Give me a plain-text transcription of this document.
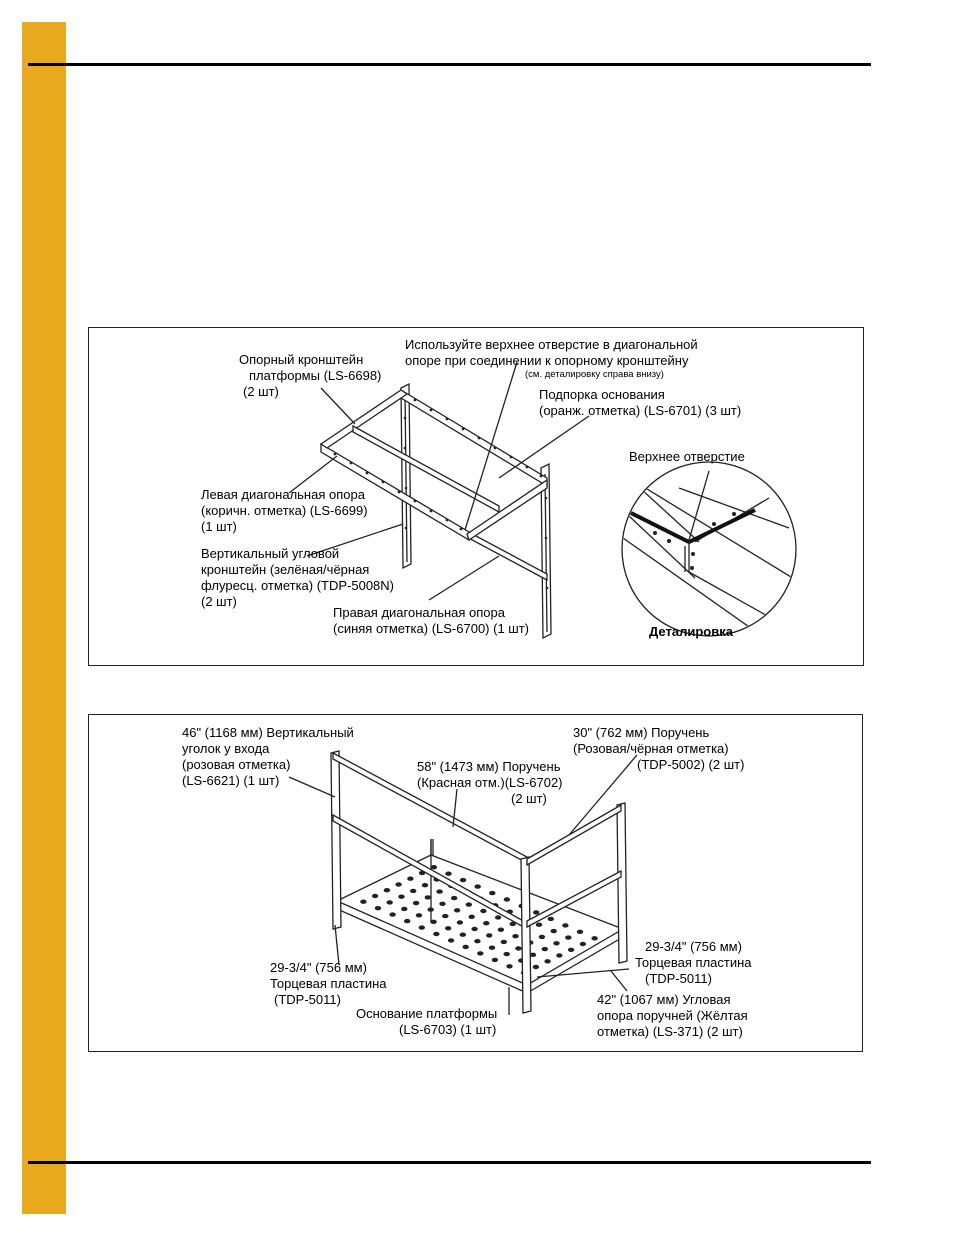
Опорный кронштейн
платформы (LS-6698)
(2 шт)
Используйте верхнее отверстие в диагональной
опоре при соединении к опорному кронштейну
(см. деталировку справа внизу)
Подпорка основания
(оранж. отметка) (LS-6701) (3 шт)
Верхнее отверстие
Левая диагональная опора
(коричн. отметка) (LS-6699)
(1 шт)
Вертикальный угловой
кронштейн (зелёная/чёрная
флуресц. отметка) (TDP-5008N)
(2 шт)
Правая диагональная опора
(синяя отметка) (LS-6700) (1 шт)	Деталировка
46" (1168 мм) Вертикальный
уголок у входа
(розовая отметка)
(LS-6621) (1 шт)
58" (1473 мм) Поручень
(Красная отм.)(LS-6702)
(2 шт)
30" (762 мм) Поручень
(Розовая/чёрная отметка)
(TDP-5002) (2 шт)
29-3/4" (756 мм)
Торцевая пластина
(TDP-5011)
42" (1067 мм) Угловая
опора поручней (Жёлтая
отметка) (LS-371) (2 шт)
29-3/4" (756 мм)
Торцевая пластина
(TDP-5011)
Основание платформы
(LS-6703) (1 шт)
